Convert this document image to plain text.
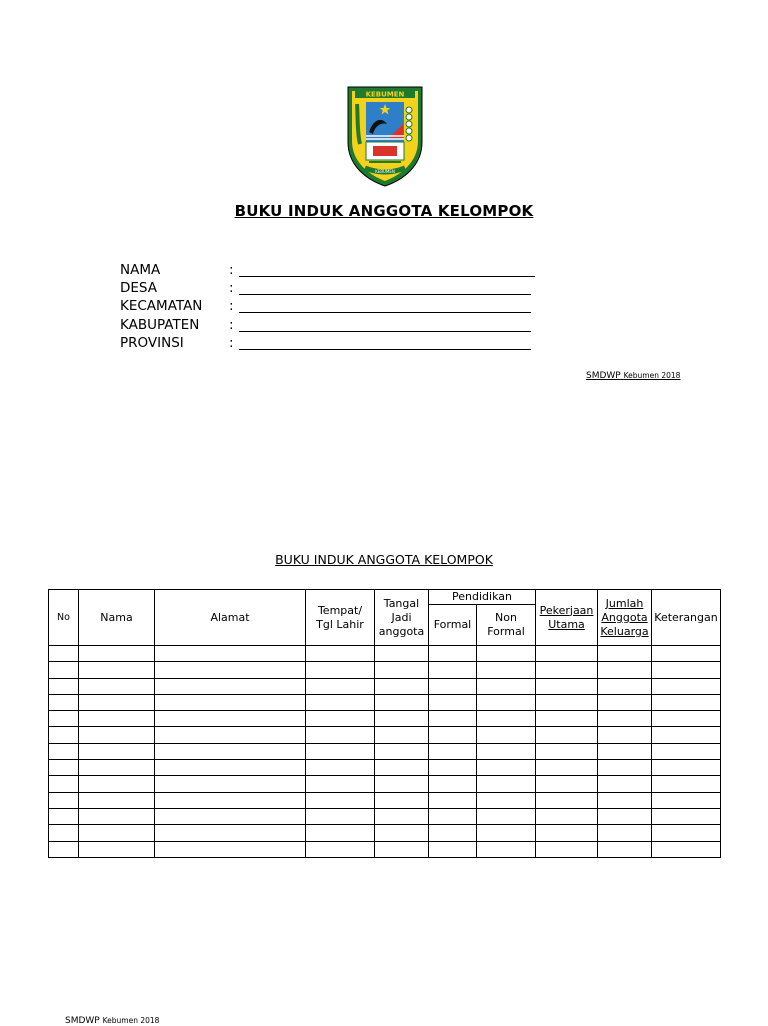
KEBUMEN
KEBUMEN
BUKU INDUK ANGGOTA KELOMPOK
NAMA	:
DESA	:
KECAMATAN :
KABUPATEN :
PROVINSI	:
SMDWP Kebumen 2018
BUKU INDUK ANGGOTA KELOMPOK
No	Nama	Alamat	Tempat/ Tgl Lahir	Tangal Jadi anggota	Pendidikan		Pekerjaan Utama	Jumlah Anggota Keluarga	Keterangan
					Formal	Non Formal			

SMDWP Kebumen 2018
